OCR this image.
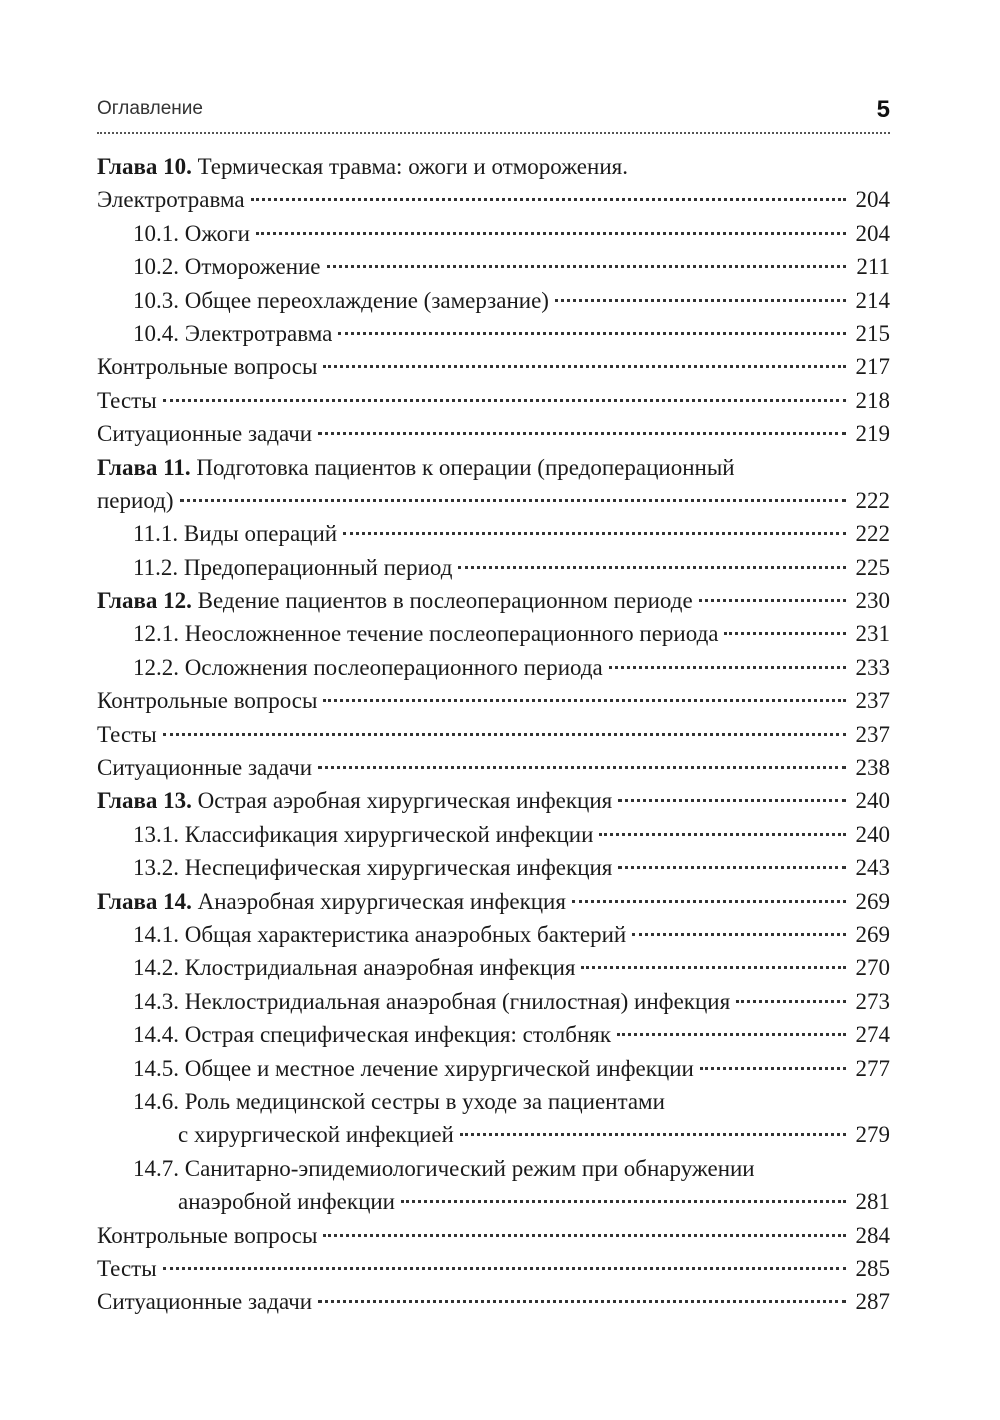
Оглавление	5
Глава 10. Термическая травма: ожоги и отморожения.
Электротравма	204
10.1. Ожоги	204
10.2. Отморожение	211
10.3. Общее переохлаждение (замерзание)	214
10.4. Электротравма	215
Контрольные вопросы	217
Тесты	218
Ситуационные задачи	219
Глава 11. Подготовка пациентов к операции (предоперационный
период)	222
11.1. Виды операций	222
11.2. Предоперационный период	225
Глава 12. Ведение пациентов в послеоперационном периоде	230
12.1. Неосложненное течение послеоперационного периода	231
12.2. Осложнения послеоперационного периода	233
Контрольные вопросы	237
Тесты	237
Ситуационные задачи	238
Глава 13. Острая аэробная хирургическая инфекция	240
13.1. Классификация хирургической инфекции	240
13.2. Неспецифическая хирургическая инфекция	243
Глава 14. Анаэробная хирургическая инфекция	269
14.1. Общая характеристика анаэробных бактерий	269
14.2. Клостридиальная анаэробная инфекция	270
14.3. Неклостридиальная анаэробная (гнилостная) инфекция	273
14.4. Острая специфическая инфекция: столбняк	274
14.5. Общее и местное лечение хирургической инфекции	277
14.6. Роль медицинской сестры в уходе за пациентами
с хирургической инфекцией	279
14.7. Санитарно-эпидемиологический режим при обнаружении
анаэробной инфекции	281
Контрольные вопросы	284
Тесты	285
Ситуационные задачи	287
